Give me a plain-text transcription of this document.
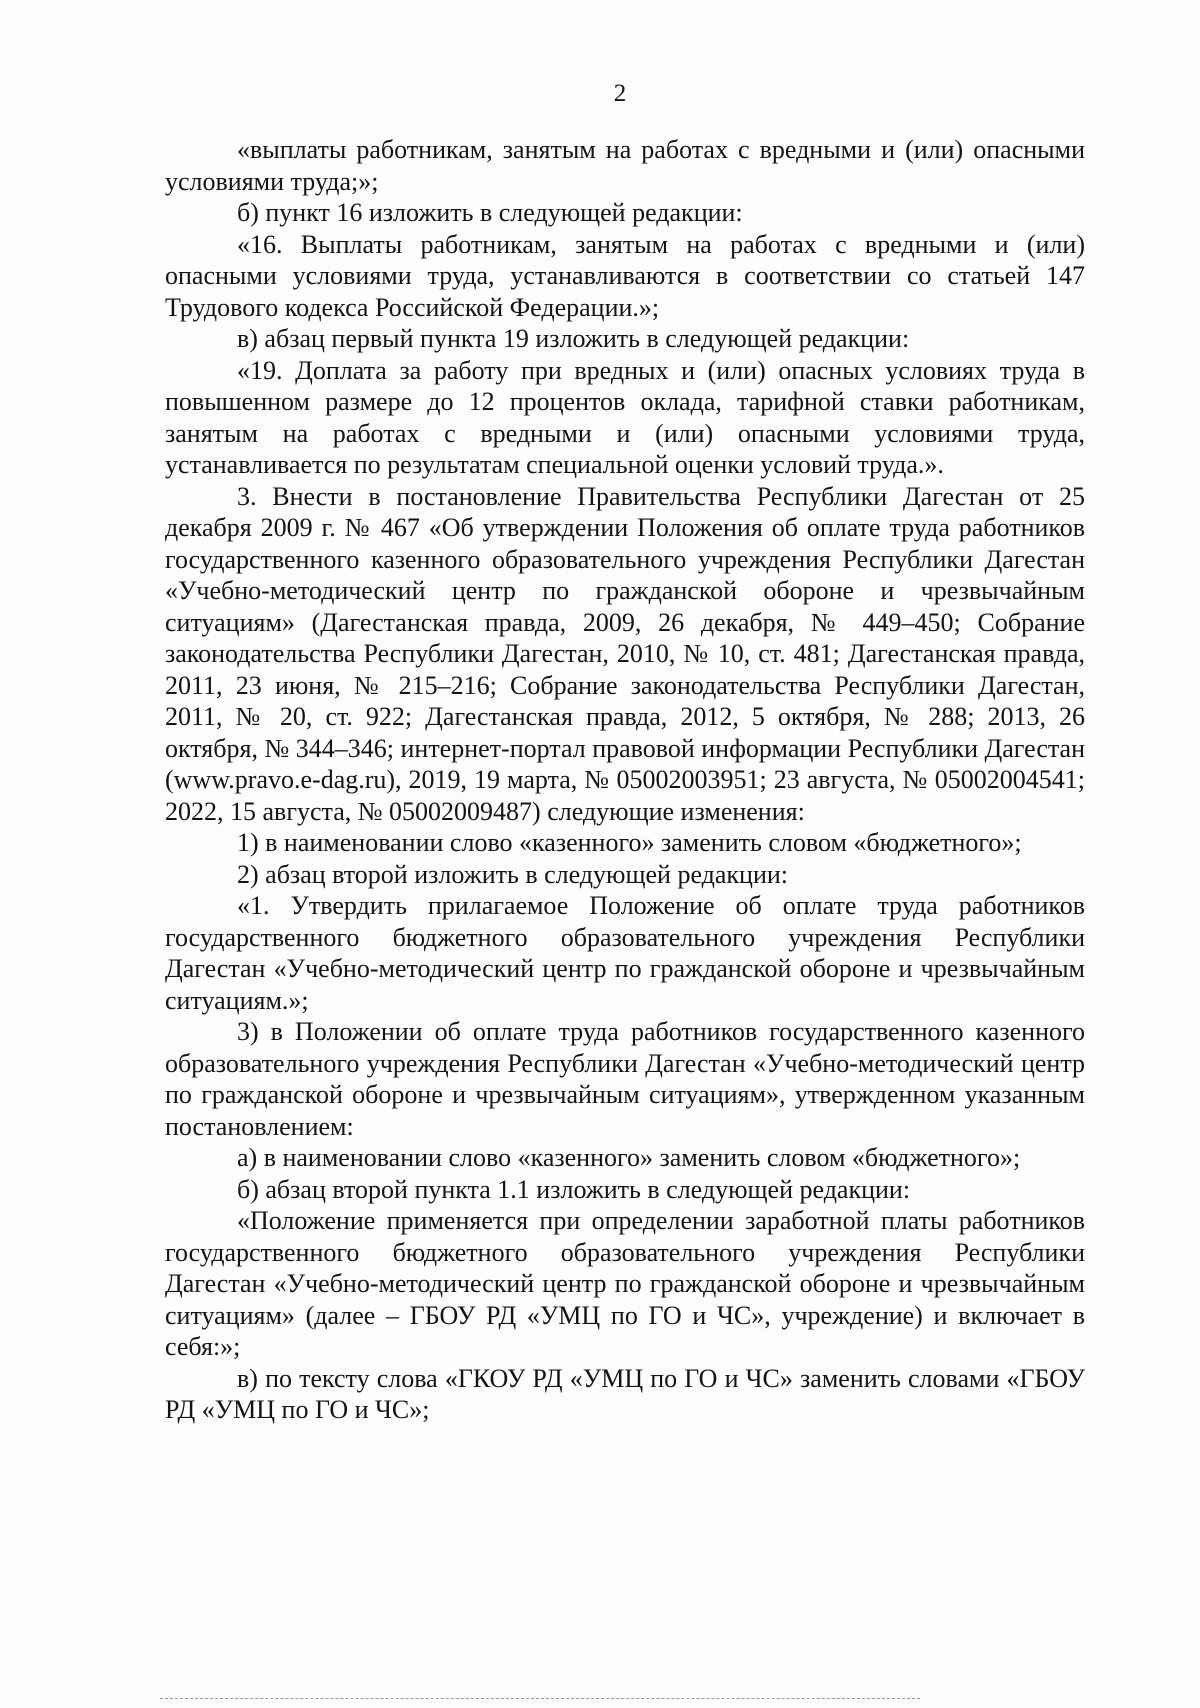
2

«выплаты работникам, занятым на работах с вредными и (или) опасными условиями труда;»;

б) пункт 16 изложить в следующей редакции:

«16. Выплаты работникам, занятым на работах с вредными и (или) опасными условиями труда, устанавливаются в соответствии со статьей 147 Трудового кодекса Российской Федерации.»;

в) абзац первый пункта 19 изложить в следующей редакции:

«19. Доплата за работу при вредных и (или) опасных условиях труда в повышенном размере до 12 процентов оклада, тарифной ставки работникам, занятым на работах с вредными и (или) опасными условиями труда, устанавливается по результатам специальной оценки условий труда.».

3. Внести в постановление Правительства Республики Дагестан от 25 декабря 2009 г. № 467 «Об утверждении Положения об оплате труда работников государственного казенного образовательного учреждения Республики Дагестан «Учебно-методический центр по гражданской обороне и чрезвычайным ситуациям» (Дагестанская правда, 2009, 26 декабря, № 449–450; Собрание законодательства Республики Дагестан, 2010, № 10, ст. 481; Дагестанская правда, 2011, 23 июня, № 215–216; Собрание законодательства Республики Дагестан, 2011, № 20, ст. 922; Дагестанская правда, 2012, 5 октября, № 288; 2013, 26 октября, № 344–346; интернет-портал правовой информации Республики Дагестан (www.pravo.e-dag.ru), 2019, 19 марта, № 05002003951; 23 августа, № 05002004541; 2022, 15 августа, № 05002009487) следующие изменения:

1) в наименовании слово «казенного» заменить словом «бюджетного»;

2) абзац второй изложить в следующей редакции:

«1. Утвердить прилагаемое Положение об оплате труда работников государственного бюджетного образовательного учреждения Республики Дагестан «Учебно-методический центр по гражданской обороне и чрезвычайным ситуациям.»;

3) в Положении об оплате труда работников государственного казенного образовательного учреждения Республики Дагестан «Учебно-методический центр по гражданской обороне и чрезвычайным ситуациям», утвержденном указанным постановлением:

а) в наименовании слово «казенного» заменить словом «бюджетного»;

б) абзац второй пункта 1.1 изложить в следующей редакции:

«Положение применяется при определении заработной платы работников государственного бюджетного образовательного учреждения Республики Дагестан «Учебно-методический центр по гражданской обороне и чрезвычайным ситуациям» (далее – ГБОУ РД «УМЦ по ГО и ЧС», учреждение) и включает в себя:»;

в) по тексту слова «ГКОУ РД «УМЦ по ГО и ЧС» заменить словами «ГБОУ РД «УМЦ по ГО и ЧС»;
